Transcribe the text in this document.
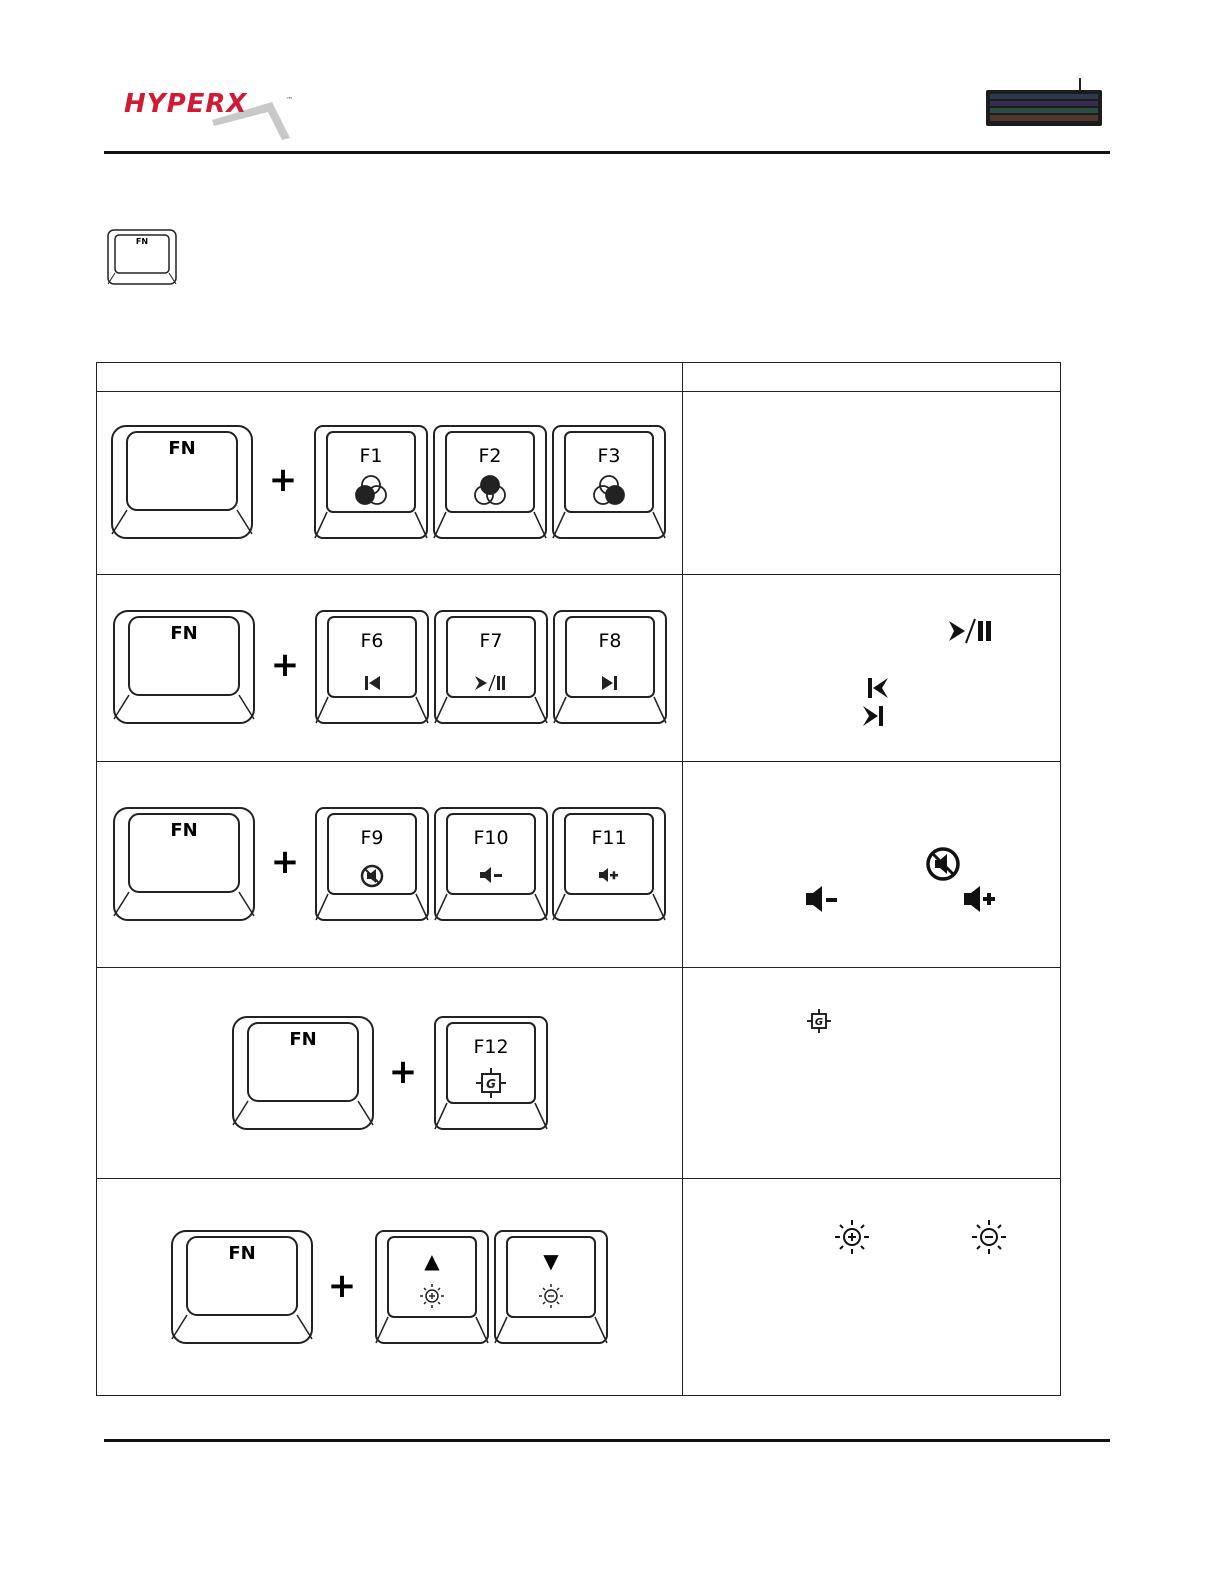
HYPERX	™
FN

FN
+
F1 F2 F3	

FN
+
F6 F7 F8

FN
+
F9 F10 F11

FN
+
F12
G	G

FN
+
▲ ▼
